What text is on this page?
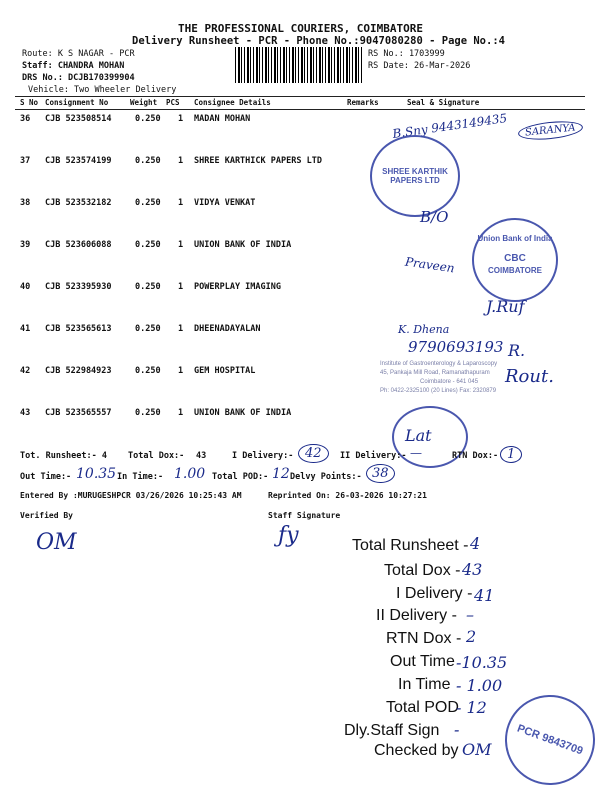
THE PROFESSIONAL COURIERS, COIMBATORE
Delivery Runsheet - PCR - Phone No.:9047080280 - Page No.:4
Route: K S NAGAR - PCR
Staff: CHANDRA MOHAN
DRS No.: DCJB170399904
Vehicle: Two Wheeler Delivery
RS No.: 1703999
RS Date: 26-Mar-2026
S No Consignment No	Weight PCS Consignee Details	Remarks	Seal & Signature
36 CJB 523508514	0.250 1 MADAN MOHAN
37 CJB 523574199	0.250 1 SHREE KARTHICK PAPERS LTD
38 CJB 523532182	0.250 1 VIDYA VENKAT
39 CJB 523606088	0.250 1 UNION BANK OF INDIA
40 CJB 523395930	0.250 1 POWERPLAY IMAGING
41 CJB 523565613	0.250 1 DHEENADAYALAN
42 CJB 522984923	0.250 1 GEM HOSPITAL
43 CJB 523565557	0.250 1 UNION BANK OF INDIA
B.Sny 9443149435	SARANYA
SHREE KARTHIK PAPERS LTD
B/O
Praveen
Union Bank of India
CBC
COIMBATORE
J.Ruf
K. Dhena
9790693193 R.
Institute of Gastroenterology & Laparoscopy
45, Pankaja Mill Road, Ramanathapuram
Coimbatore - 641 045
Ph: 0422-2325100 (20 Lines) Fax: 2320879
Rout.
Lat
Tot. Runsheet:- 4 Total Dox:- 43	I Delivery:- 42	II Delivery:- —	RTN Dox:- 1
Out Time:- 10.35 In Time:- 1.00 Total POD:- 12 Delvy Points:- 38
Entered By :MURUGESHPCR 03/26/2026 10:25:43 AM	Reprinted On: 26-03-2026 10:27:21
Verified By	Staff Signature
OM	ƒy	Total Runsheet - 4
Total Dox - 43
I Delivery - 41
II Delivery - –
RTN Dox - 2
Out Time -10.35
In Time - 1.00
Total POD
- 12
Dly.Staff Sign -
Checked by OM	PCR 9843709
